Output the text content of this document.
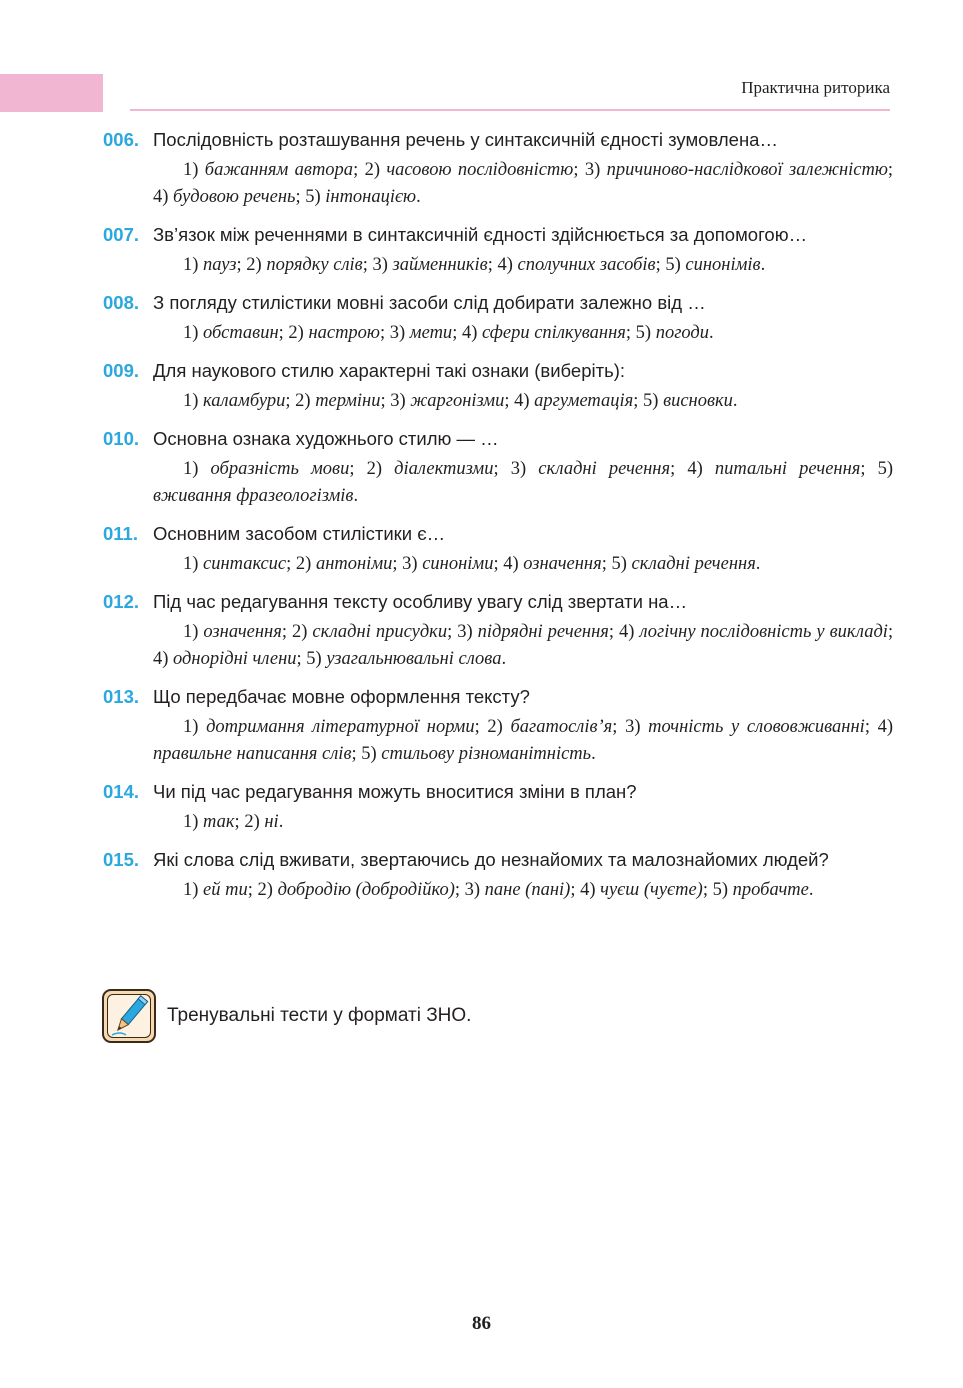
Практична риторика
006. Послідовність розташування речень у синтаксичній єдності зумовлена…
1) бажанням автора; 2) часовою послідовністю; 3) причиново-наслідкової залежністю; 4) будовою речень; 5) інтонацією.
007. Зв’язок між реченнями в синтаксичній єдності здійснюється за допомогою…
1) пауз; 2) порядку слів; 3) займенників; 4) сполучних засобів; 5) синонімів.
008. З погляду стилістики мовні засоби слід добирати залежно від …
1) обставин; 2) настрою; 3) мети; 4) сфери спілкування; 5) погоди.
009. Для наукового стилю характерні такі ознаки (виберіть):
1) каламбури; 2) терміни; 3) жаргонізми; 4) аргуметація; 5) висновки.
010. Основна ознака художнього стилю — …
1) образність мови; 2) діалектизми; 3) складні речення; 4) питальні речення; 5) вживання фразеологізмів.
011. Основним засобом стилістики є…
1) синтаксис; 2) антоніми; 3) синоніми; 4) означення; 5) складні речення.
012. Під час редагування тексту особливу увагу слід звертати на…
1) означення; 2) складні присудки; 3) підрядні речення; 4) логічну послідовність у викладі; 4) однорідні члени; 5) узагальнювальні слова.
013. Що передбачає мовне оформлення тексту?
1) дотримання літературної норми; 2) багатослів’я; 3) точність у слововживанні; 4) правильне написання слів; 5) стильову різноманітність.
014. Чи під час редагування можуть вноситися зміни в план?
1) так; 2) ні.
015. Які слова слід вживати, звертаючись до незнайомих та малознайомих людей?
1) ей ти; 2) добродію (добродійко); 3) пане (пані); 4) чуєш (чуєте); 5) пробачте.
Тренувальні тести у форматі ЗНО.
86
